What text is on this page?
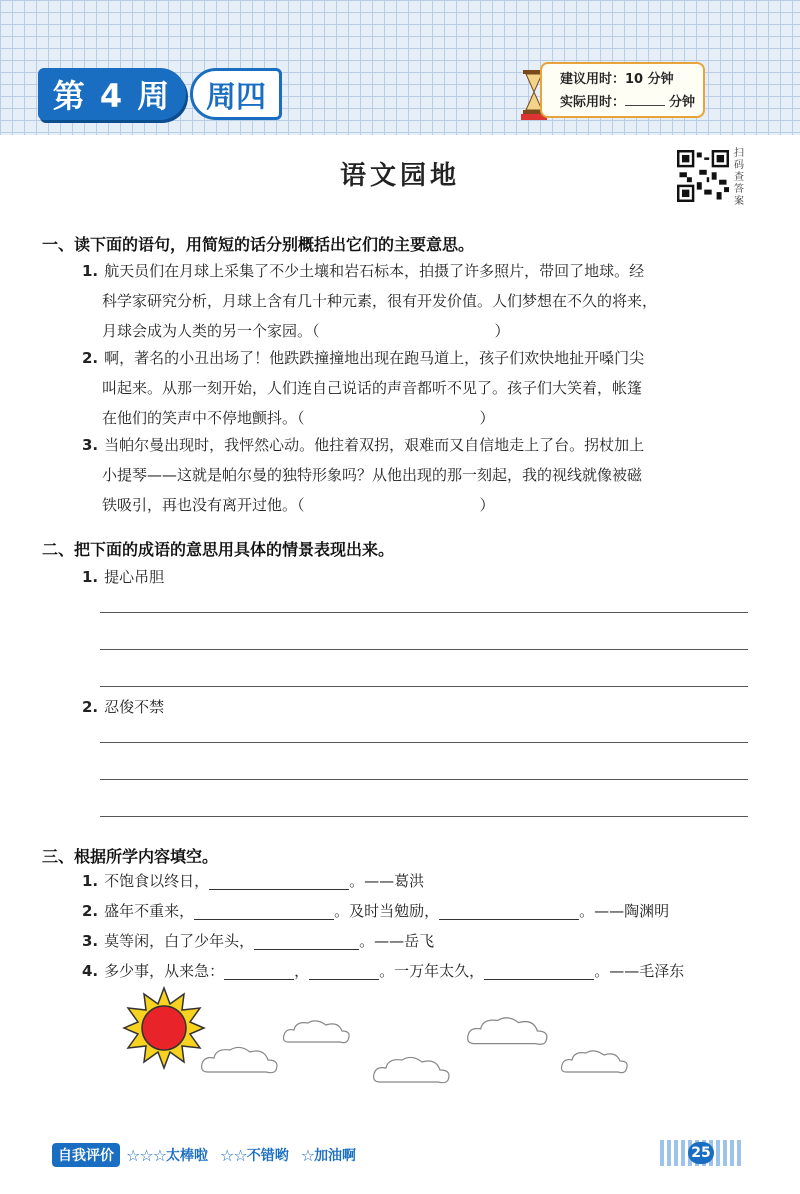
第 4 周	周四
建议用时：10 分钟
实际用时：	分钟
语文园地
扫码查答案
一、读下面的语句，用简短的话分别概括出它们的主要意思。
1. 航天员们在月球上采集了不少土壤和岩石标本，拍摄了许多照片，带回了地球。经
科学家研究分析，月球上含有几十种元素，很有开发价值。人们梦想在不久的将来，
月球会成为人类的另一个家园。（	）
2. 啊，著名的小丑出场了！他跌跌撞撞地出现在跑马道上，孩子们欢快地扯开嗓门尖
叫起来。从那一刻开始，人们连自己说话的声音都听不见了。孩子们大笑着，帐篷
在他们的笑声中不停地颤抖。（	）
3. 当帕尔曼出现时，我怦然心动。他拄着双拐，艰难而又自信地走上了台。拐杖加上
小提琴——这就是帕尔曼的独特形象吗？从他出现的那一刻起，我的视线就像被磁
铁吸引，再也没有离开过他。（	）
二、把下面的成语的意思用具体的情景表现出来。
1. 提心吊胆
2. 忍俊不禁
三、根据所学内容填空。
1. 不饱食以终日，	。——葛洪
2. 盛年不重来，	。及时当勉励，	。——陶渊明
3. 莫等闲，白了少年头，	。——岳飞
4. 多少事，从来急：	，	。一万年太久，	。——毛泽东
自我评价 ☆☆☆ 太棒啦 ☆☆ 不错哟 ☆ 加油啊	25
